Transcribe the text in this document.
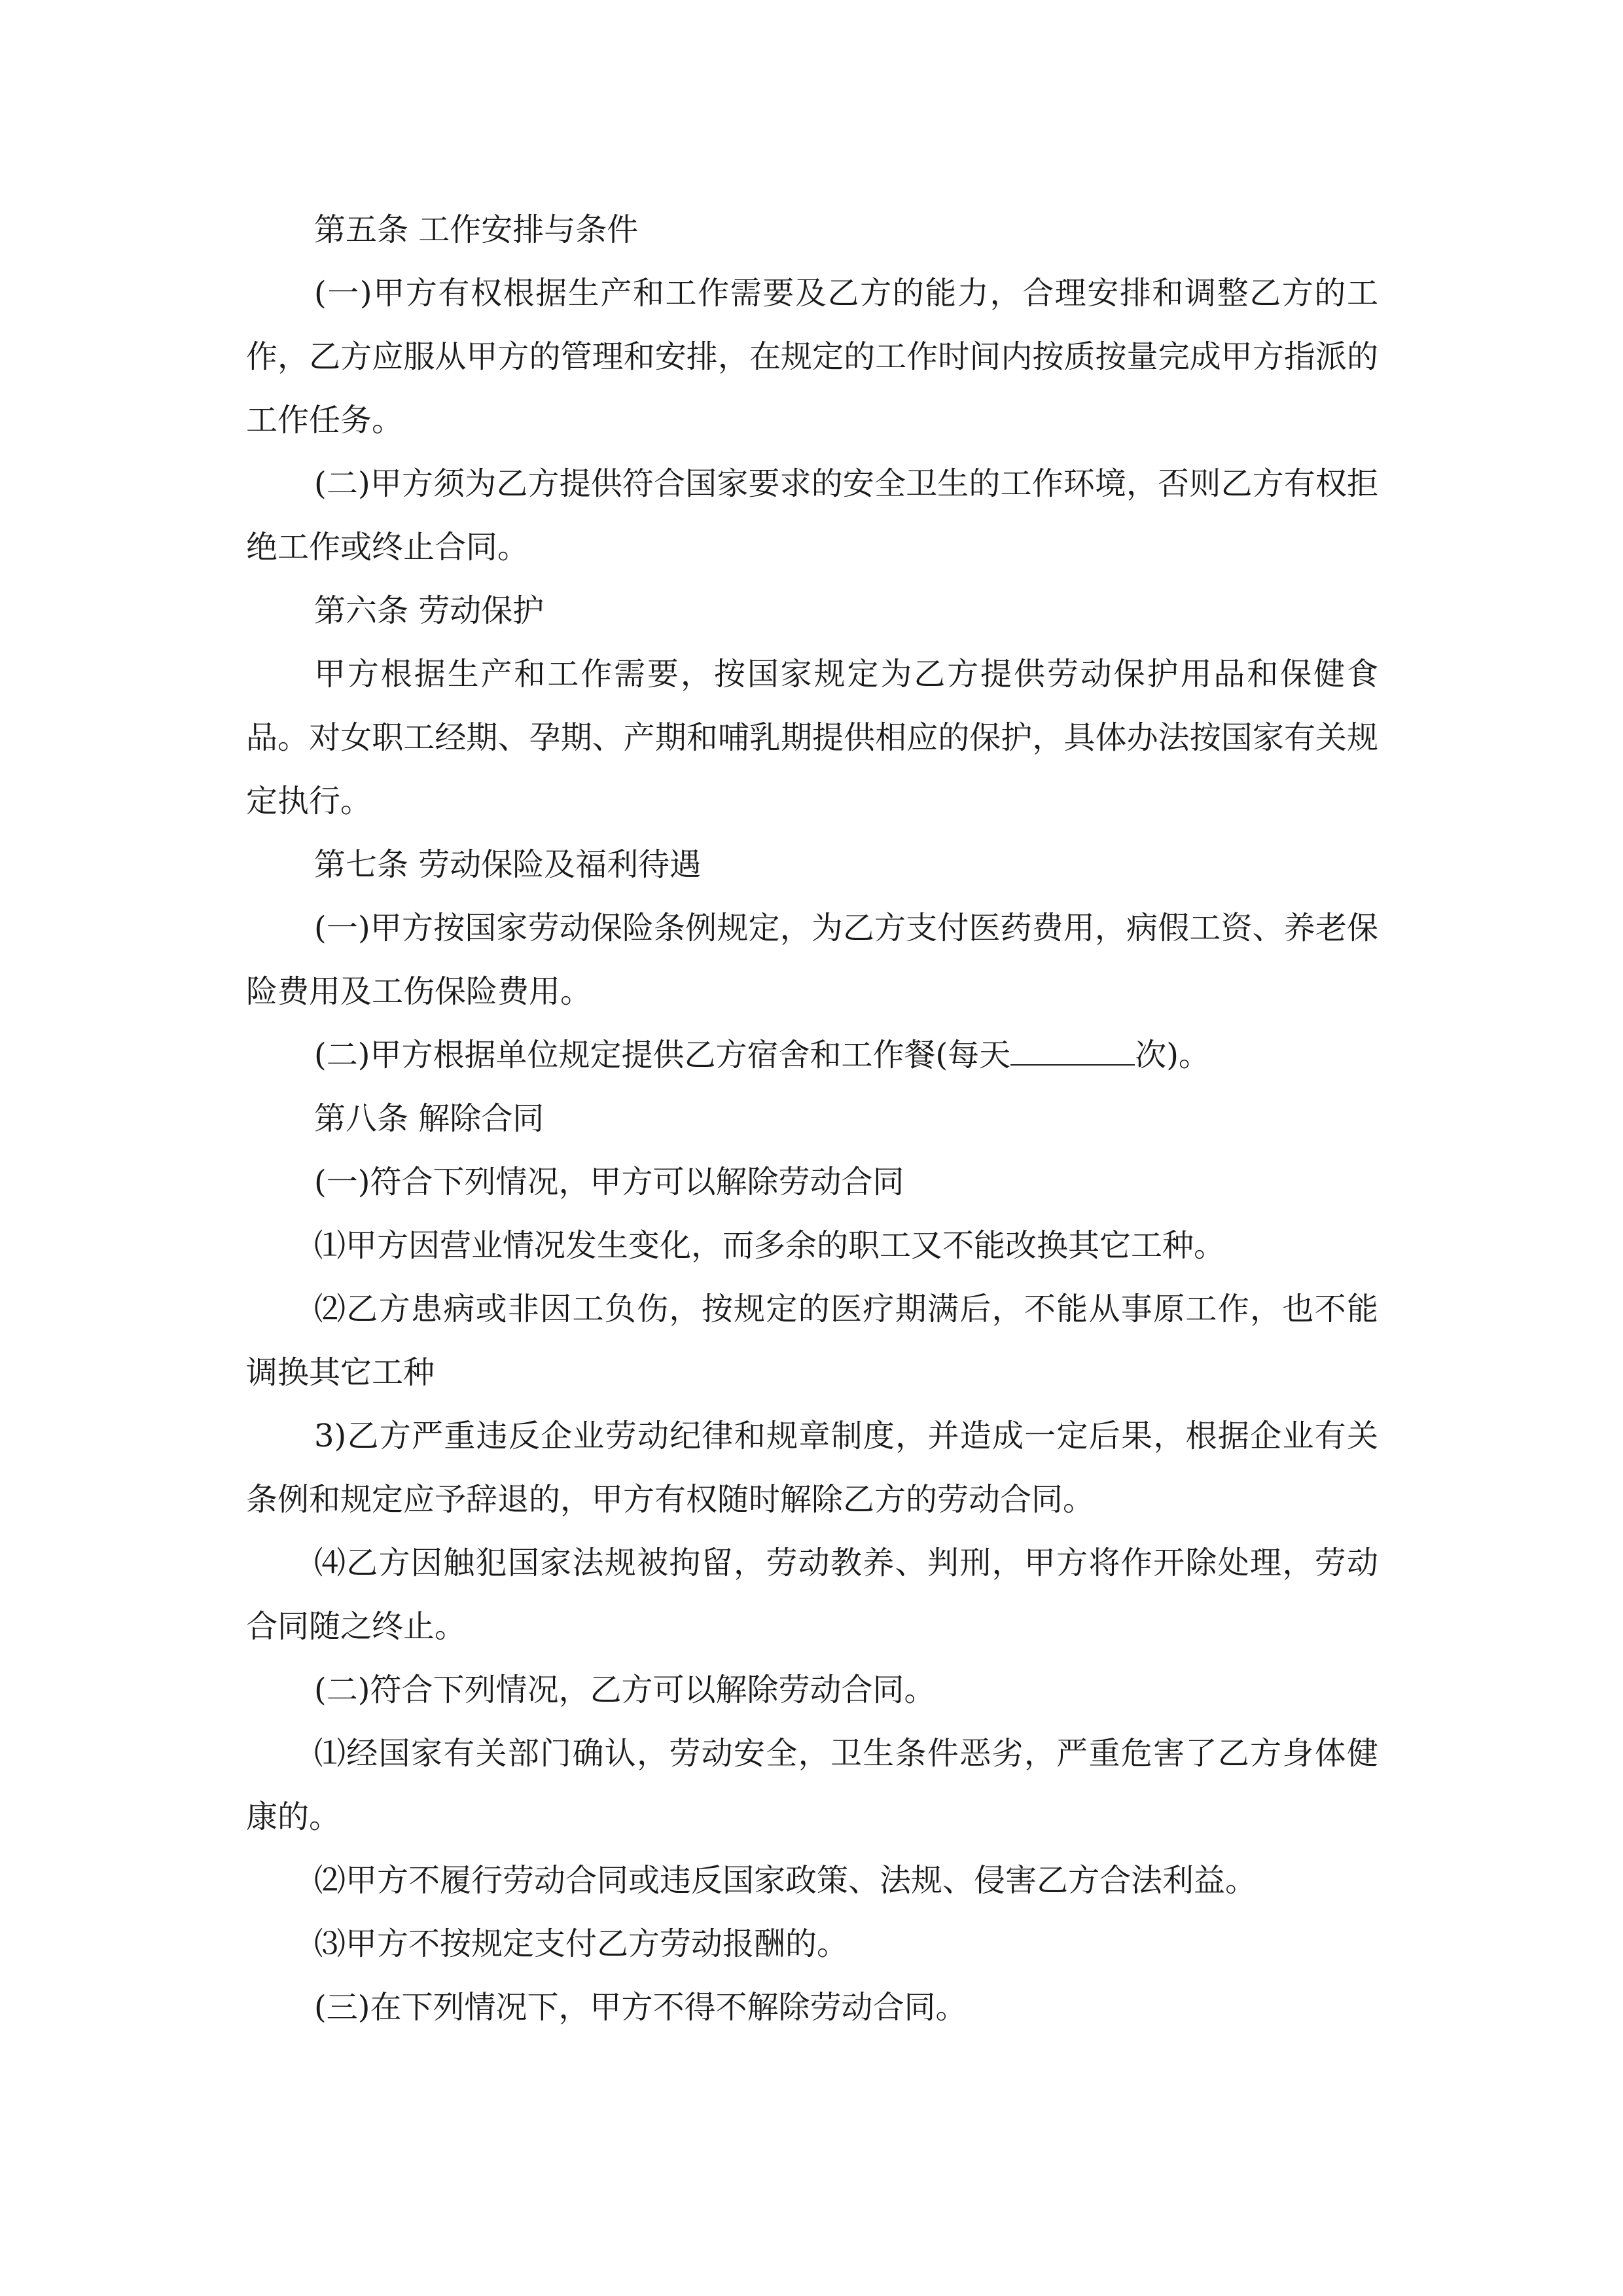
第五条 工作安排与条件

(一)甲方有权根据生产和工作需要及乙方的能力，合理安排和调整乙方的工作，乙方应服从甲方的管理和安排，在规定的工作时间内按质按量完成甲方指派的工作任务。

(二)甲方须为乙方提供符合国家要求的安全卫生的工作环境，否则乙方有权拒绝工作或终止合同。

第六条 劳动保护

甲方根据生产和工作需要，按国家规定为乙方提供劳动保护用品和保健食品。对女职工经期、孕期、产期和哺乳期提供相应的保护，具体办法按国家有关规定执行。

第七条 劳动保险及福利待遇

(一)甲方按国家劳动保险条例规定，为乙方支付医药费用，病假工资、养老保险费用及工伤保险费用。

(二)甲方根据单位规定提供乙方宿舍和工作餐(每天	次)。

第八条 解除合同

(一)符合下列情况，甲方可以解除劳动合同

⑴甲方因营业情况发生变化，而多余的职工又不能改换其它工种。

⑵乙方患病或非因工负伤，按规定的医疗期满后，不能从事原工作，也不能调换其它工种

3)乙方严重违反企业劳动纪律和规章制度，并造成一定后果，根据企业有关条例和规定应予辞退的，甲方有权随时解除乙方的劳动合同。

⑷乙方因触犯国家法规被拘留，劳动教养、判刑，甲方将作开除处理，劳动合同随之终止。

(二)符合下列情况，乙方可以解除劳动合同。

⑴经国家有关部门确认，劳动安全，卫生条件恶劣，严重危害了乙方身体健康的。

⑵甲方不履行劳动合同或违反国家政策、法规、侵害乙方合法利益。

⑶甲方不按规定支付乙方劳动报酬的。

(三)在下列情况下，甲方不得不解除劳动合同。
